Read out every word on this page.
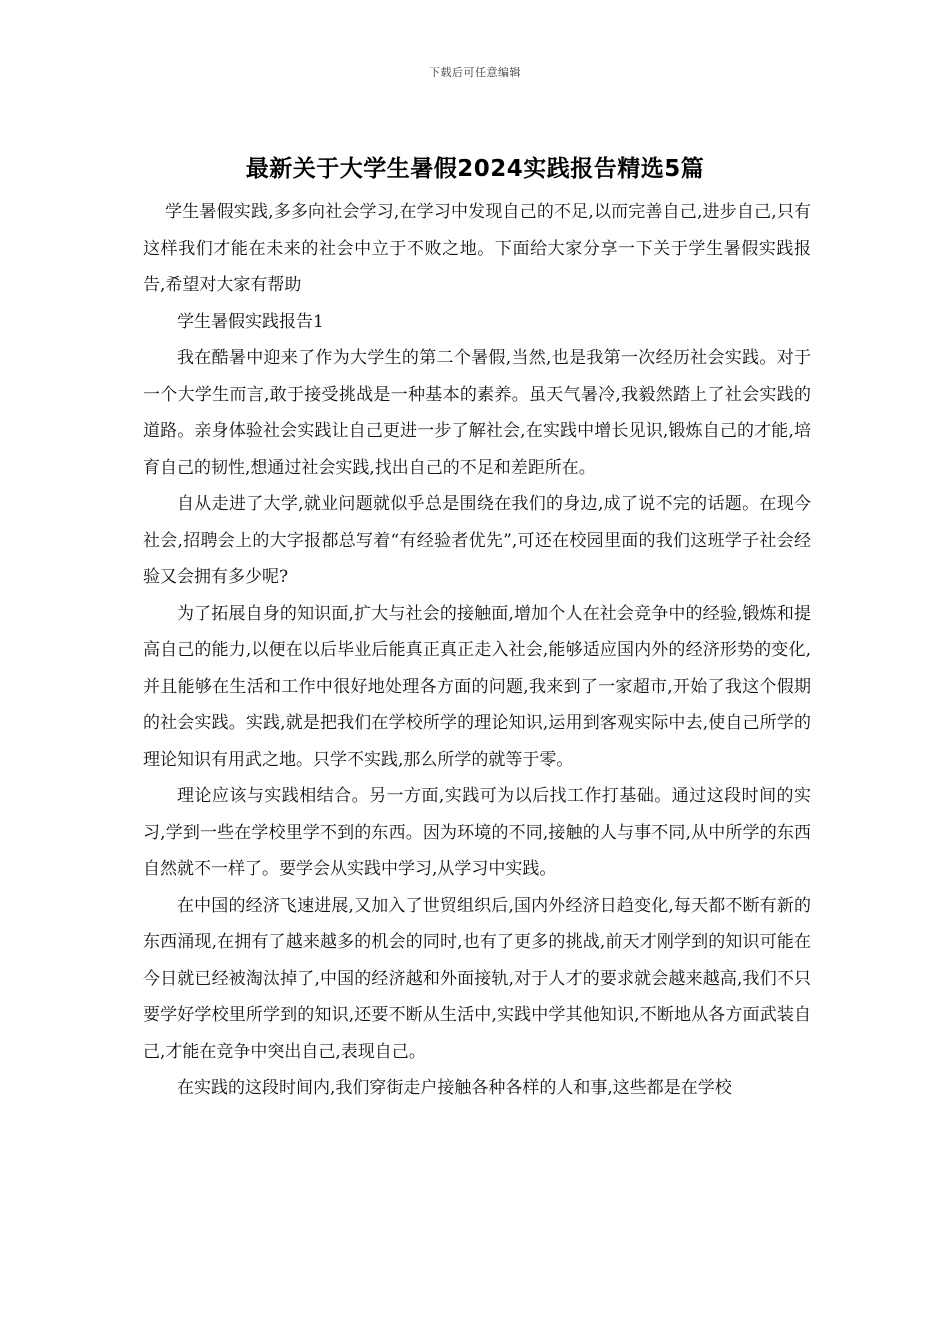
下载后可任意编辑
最新关于大学生暑假2024实践报告精选5篇

学生暑假实践,多多向社会学习,在学习中发现自己的不足,以而完善自己,进步自己,只有这样我们才能在未来的社会中立于不败之地。下面给大家分享一下关于学生暑假实践报告,希望对大家有帮助

学生暑假实践报告1

我在酷暑中迎来了作为大学生的第二个暑假,当然,也是我第一次经历社会实践。对于一个大学生而言,敢于接受挑战是一种基本的素养。虽天气暑冷,我毅然踏上了社会实践的道路。亲身体验社会实践让自己更进一步了解社会,在实践中增长见识,锻炼自己的才能,培育自己的韧性,想通过社会实践,找出自己的不足和差距所在。

自从走进了大学,就业问题就似乎总是围绕在我们的身边,成了说不完的话题。在现今社会,招聘会上的大字报都总写着“有经验者优先”,可还在校园里面的我们这班学子社会经验又会拥有多少呢?

为了拓展自身的知识面,扩大与社会的接触面,增加个人在社会竞争中的经验,锻炼和提高自己的能力,以便在以后毕业后能真正真正走入社会,能够适应国内外的经济形势的变化,并且能够在生活和工作中很好地处理各方面的问题,我来到了一家超市,开始了我这个假期的社会实践。实践,就是把我们在学校所学的理论知识,运用到客观实际中去,使自己所学的理论知识有用武之地。只学不实践,那么所学的就等于零。

理论应该与实践相结合。另一方面,实践可为以后找工作打基础。通过这段时间的实习,学到一些在学校里学不到的东西。因为环境的不同,接触的人与事不同,从中所学的东西自然就不一样了。要学会从实践中学习,从学习中实践。

在中国的经济飞速进展,又加入了世贸组织后,国内外经济日趋变化,每天都不断有新的东西涌现,在拥有了越来越多的机会的同时,也有了更多的挑战,前天才刚学到的知识可能在今日就已经被淘汰掉了,中国的经济越和外面接轨,对于人才的要求就会越来越高,我们不只要学好学校里所学到的知识,还要不断从生活中,实践中学其他知识,不断地从各方面武装自己,才能在竞争中突出自己,表现自己。

在实践的这段时间内,我们穿街走户接触各种各样的人和事,这些都是在学校
